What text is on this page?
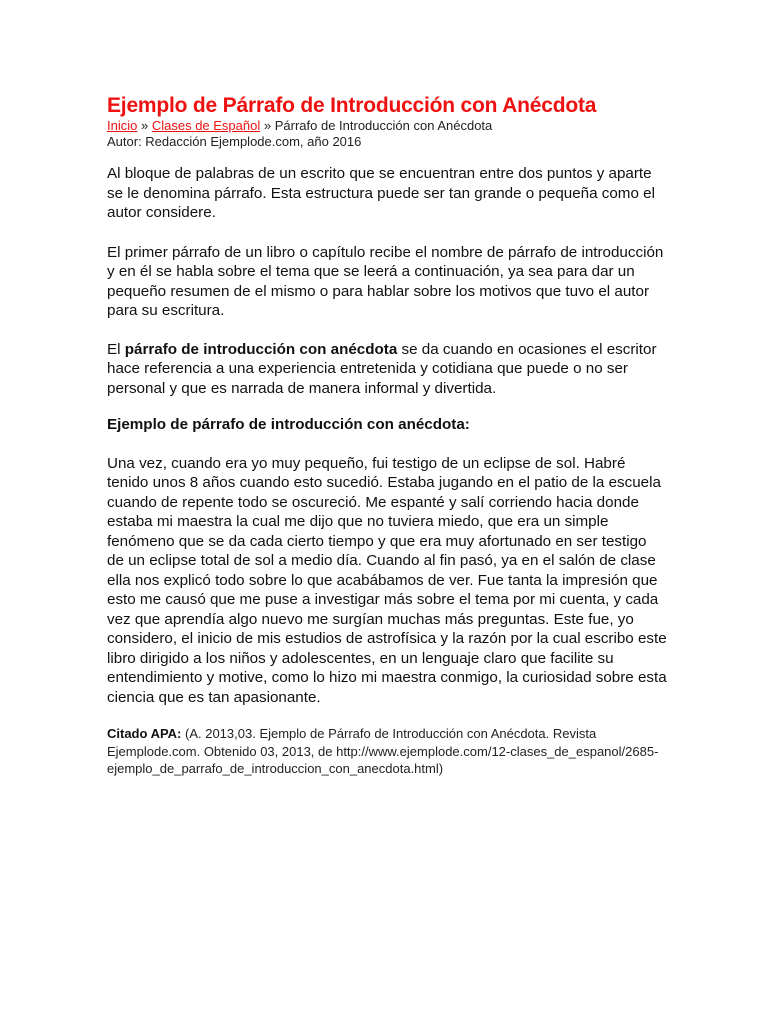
Ejemplo de Párrafo de Introducción con Anécdota
Inicio » Clases de Español » Párrafo de Introducción con Anécdota
Autor: Redacción Ejemplode.com, año 2016

Al bloque de palabras de un escrito que se encuentran entre dos puntos y aparte se le denomina párrafo. Esta estructura puede ser tan grande o pequeña como el autor considere.

El primer párrafo de un libro o capítulo recibe el nombre de párrafo de introducción y en él se habla sobre el tema que se leerá a continuación, ya sea para dar un pequeño resumen de el mismo o para hablar sobre los motivos que tuvo el autor para su escritura.

El párrafo de introducción con anécdota se da cuando en ocasiones el escritor hace referencia a una experiencia entretenida y cotidiana que puede o no ser personal y que es narrada de manera informal y divertida.

Ejemplo de párrafo de introducción con anécdota:

Una vez, cuando era yo muy pequeño, fui testigo de un eclipse de sol. Habré tenido unos 8 años cuando esto sucedió. Estaba jugando en el patio de la escuela cuando de repente todo se oscureció. Me espanté y salí corriendo hacia donde estaba mi maestra la cual me dijo que no tuviera miedo, que era un simple fenómeno que se da cada cierto tiempo y que era muy afortunado en ser testigo de un eclipse total de sol a medio día. Cuando al fin pasó, ya en el salón de clase ella nos explicó todo sobre lo que acabábamos de ver. Fue tanta la impresión que esto me causó que me puse a investigar más sobre el tema por mi cuenta, y cada vez que aprendía algo nuevo me surgían muchas más preguntas. Este fue, yo considero, el inicio de mis estudios de astrofísica y la razón por la cual escribo este libro dirigido a los niños y adolescentes, en un lenguaje claro que facilite su entendimiento y motive, como lo hizo mi maestra conmigo, la curiosidad sobre esta ciencia que es tan apasionante.

Citado APA: (A. 2013,03. Ejemplo de Párrafo de Introducción con Anécdota. Revista Ejemplode.com. Obtenido 03, 2013, de http://www.ejemplode.com/12-clases_de_espanol/2685-ejemplo_de_parrafo_de_introduccion_con_anecdota.html)
